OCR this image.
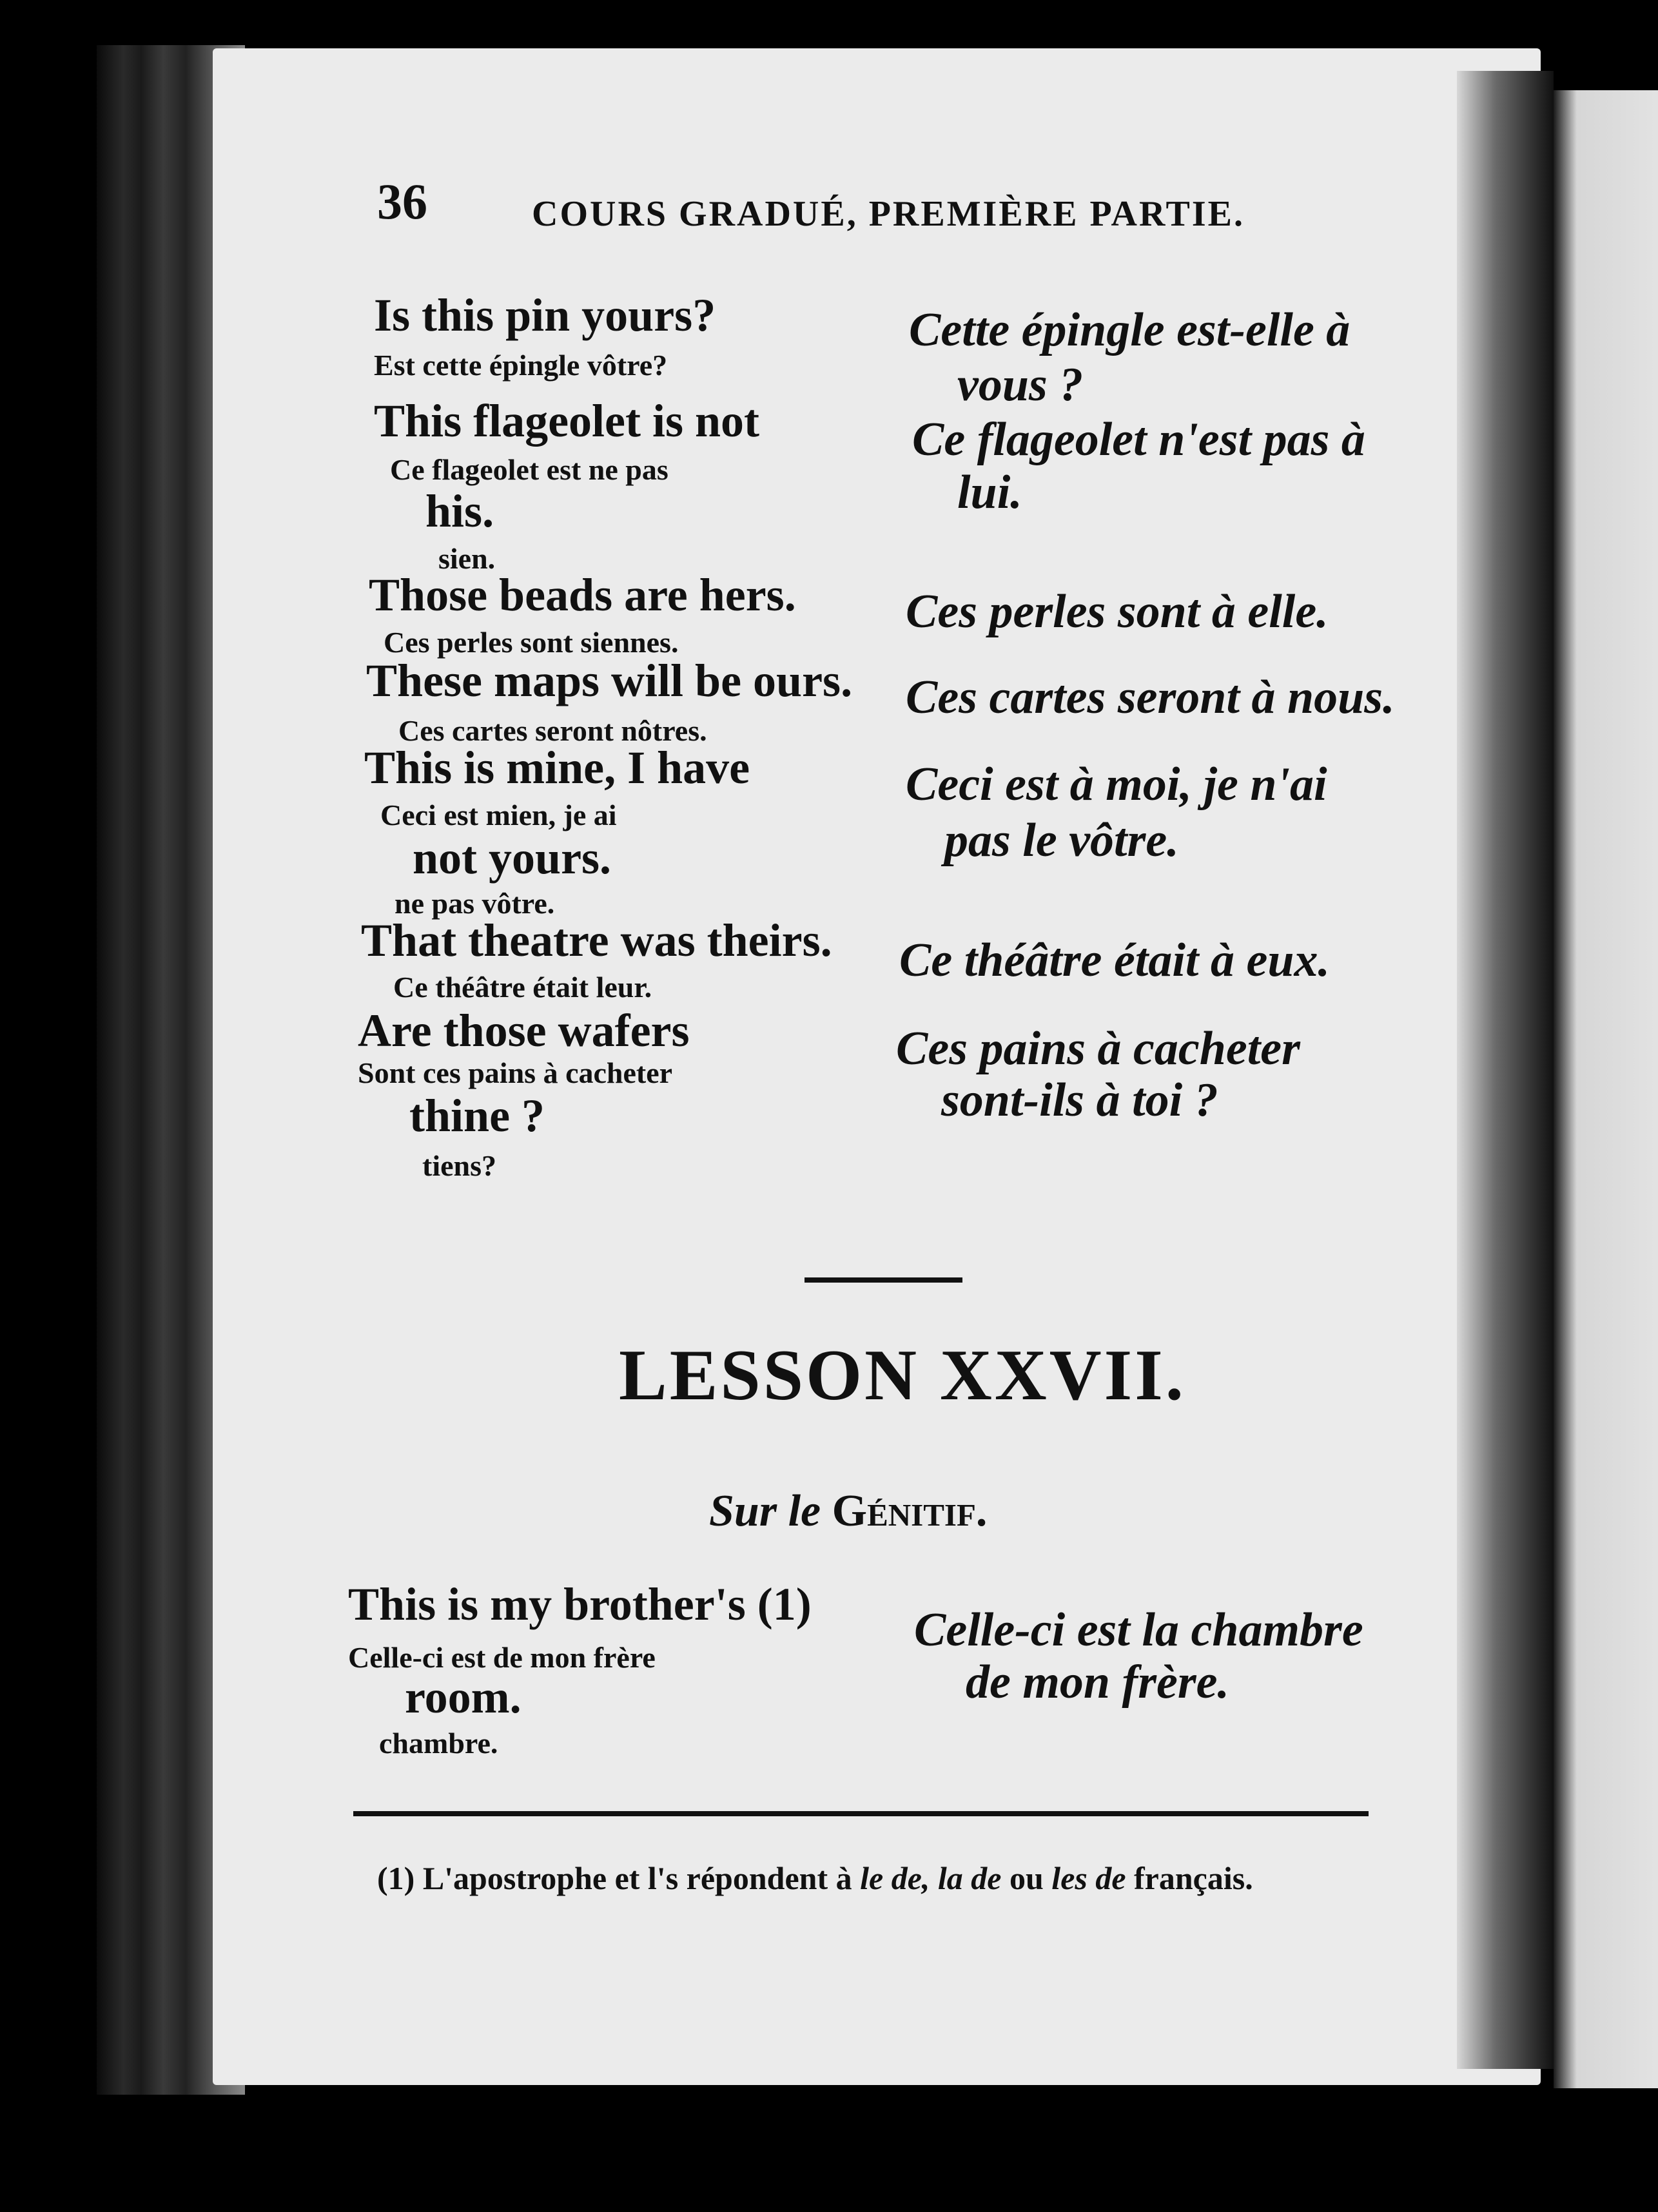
36	COURS GRADUÉ, PREMIÈRE PARTIE.
Is this pin yours?
Est cette épingle vôtre?
Cette épingle est-elle à
vous ?
This flageolet is not
Ce flageolet est ne pas
his.
sien.
Ce flageolet n'est pas à
lui.
Those beads are hers.
Ces perles sont siennes.
Ces perles sont à elle.
These maps will be ours.
Ces cartes seront nôtres.
Ces cartes seront à nous.
This is mine, I have
Ceci est mien, je ai
not yours.
ne pas vôtre.
Ceci est à moi, je n'ai
pas le vôtre.
That theatre was theirs.
Ce théâtre était leur.
Ce théâtre était à eux.
Are those wafers
Sont ces pains à cacheter
thine ?
tiens?
Ces pains à cacheter
sont-ils à toi ?
LESSON XXVII.
Sur le Génitif.
This is my brother's (1)
Celle-ci est de mon frère
room.
chambre.
Celle-ci est la chambre
de mon frère.
(1) L'apostrophe et l's répondent à le de, la de ou les de français.
